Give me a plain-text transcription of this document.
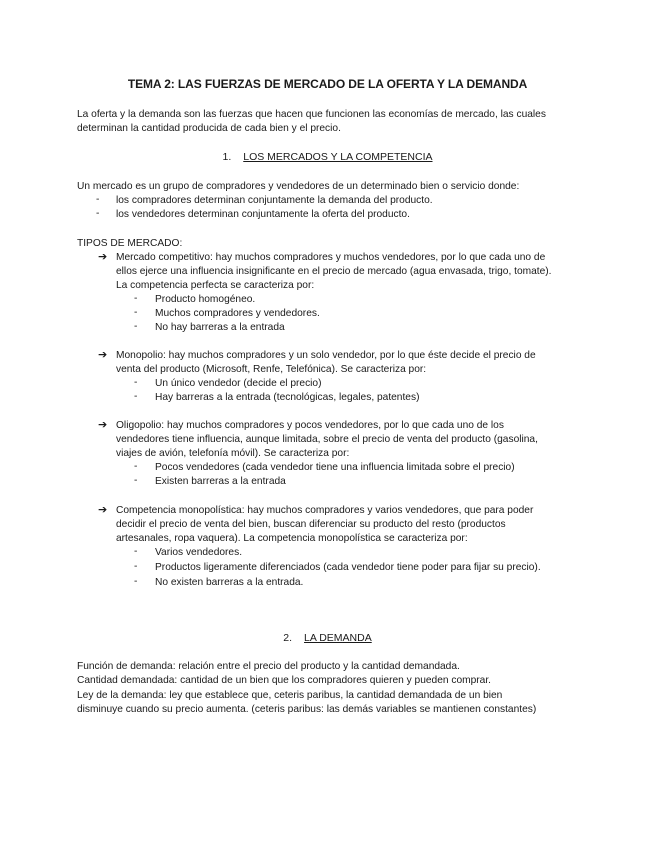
TEMA 2: LAS FUERZAS DE MERCADO DE LA OFERTA Y LA DEMANDA
La oferta y la demanda son las fuerzas que hacen que funcionen las economías de mercado, las cuales
determinan la cantidad producida de cada bien y el precio.
1. LOS MERCADOS Y LA COMPETENCIA
Un mercado es un grupo de compradores y vendedores de un determinado bien o servicio donde:
- los compradores determinan conjuntamente la demanda del producto.
- los vendedores determinan conjuntamente la oferta del producto.
TIPOS DE MERCADO:
➔ Mercado competitivo: hay muchos compradores y muchos vendedores, por lo que cada uno de
ellos ejerce una influencia insignificante en el precio de mercado (agua envasada, trigo, tomate).
La competencia perfecta se caracteriza por:
- Producto homogéneo.
- Muchos compradores y vendedores.
- No hay barreras a la entrada
➔ Monopolio: hay muchos compradores y un solo vendedor, por lo que éste decide el precio de
venta del producto (Microsoft, Renfe, Telefónica). Se caracteriza por:
- Un único vendedor (decide el precio)
- Hay barreras a la entrada (tecnológicas, legales, patentes)
➔ Oligopolio: hay muchos compradores y pocos vendedores, por lo que cada uno de los
vendedores tiene influencia, aunque limitada, sobre el precio de venta del producto (gasolina,
viajes de avión, telefonía móvil). Se caracteriza por:
- Pocos vendedores (cada vendedor tiene una influencia limitada sobre el precio)
- Existen barreras a la entrada
➔ Competencia monopolística: hay muchos compradores y varios vendedores, que para poder
decidir el precio de venta del bien, buscan diferenciar su producto del resto (productos
artesanales, ropa vaquera). La competencia monopolística se caracteriza por:
- Varios vendedores.
- Productos ligeramente diferenciados (cada vendedor tiene poder para fijar su precio).
- No existen barreras a la entrada.
2. LA DEMANDA
Función de demanda: relación entre el precio del producto y la cantidad demandada.
Cantidad demandada: cantidad de un bien que los compradores quieren y pueden comprar.
Ley de la demanda: ley que establece que, ceteris paribus, la cantidad demandada de un bien
disminuye cuando su precio aumenta. (ceteris paribus: las demás variables se mantienen constantes)
